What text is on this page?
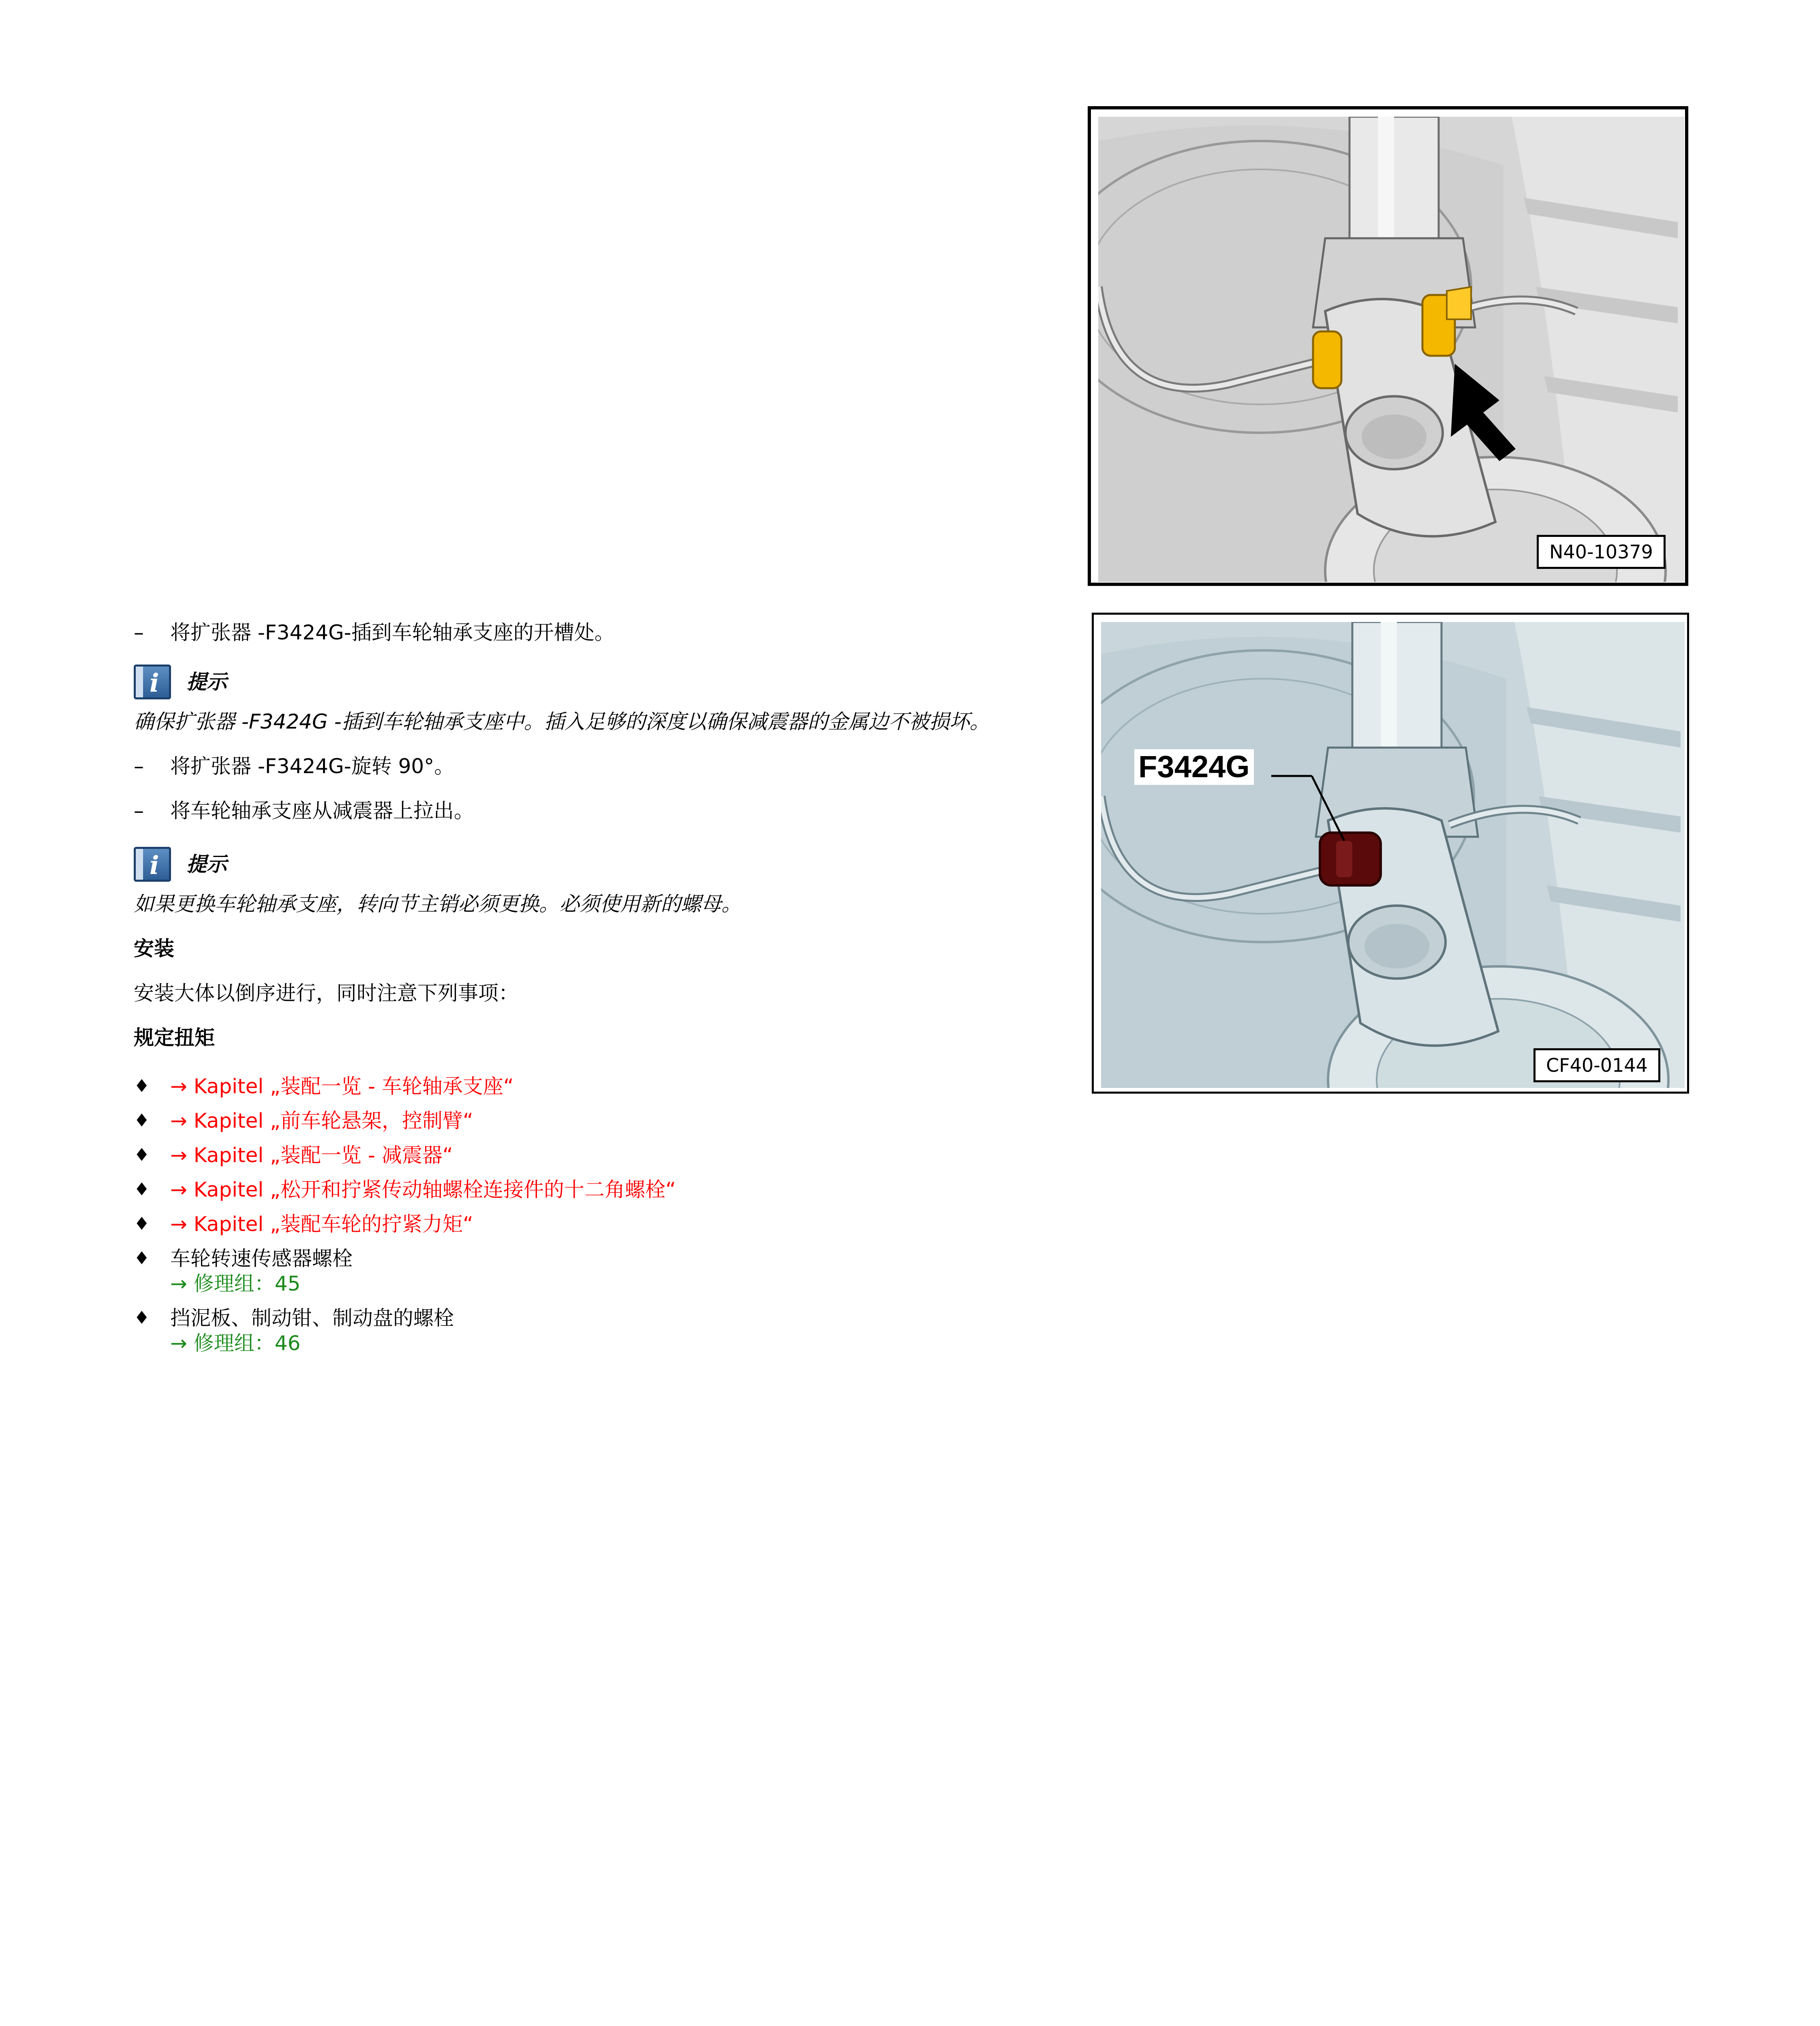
N40-10379
F3424G
CF40-0144
– 将扩张器 -F3424G-插到车轮轴承支座的开槽处。
i 提示
确保扩张器 -F3424G -插到车轮轴承支座中。插入足够的深度以确保减震器的金属边不被损坏。
– 将扩张器 -F3424G-旋转 90°。
– 将车轮轴承支座从减震器上拉出。
i 提示
如果更换车轮轴承支座，转向节主销必须更换。必须使用新的螺母。
安装
安装大体以倒序进行，同时注意下列事项：
规定扭矩
♦ → Kapitel „装配一览 - 车轮轴承支座“
♦ → Kapitel „前车轮悬架，控制臂“
♦ → Kapitel „装配一览 - 减震器“
♦ → Kapitel „松开和拧紧传动轴螺栓连接件的十二角螺栓“
♦ → Kapitel „装配车轮的拧紧力矩“
♦ 车轮转速传感器螺栓
→ 修理组：45
♦ 挡泥板、制动钳、制动盘的螺栓
→ 修理组：46
